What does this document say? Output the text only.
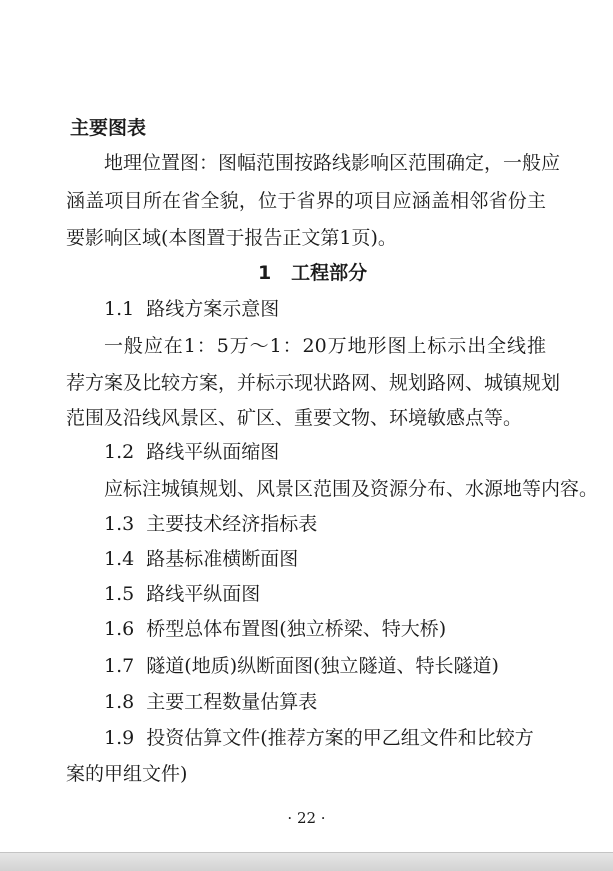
主要图表
地理位置图：图幅范围按路线影响区范围确定，一般应
涵盖项目所在省全貌，位于省界的项目应涵盖相邻省份主
要影响区域(本图置于报告正文第1页)。
1   工程部分
1.1  路线方案示意图
一般应在1：5万～1：20万地形图上标示出全线推
荐方案及比较方案，并标示现状路网、规划路网、城镇规划
范围及沿线风景区、矿区、重要文物、环境敏感点等。
1.2  路线平纵面缩图
应标注城镇规划、风景区范围及资源分布、水源地等内容。
1.3  主要技术经济指标表
1.4  路基标准横断面图
1.5  路线平纵面图
1.6  桥型总体布置图(独立桥梁、特大桥)
1.7  隧道(地质)纵断面图(独立隧道、特长隧道)
1.8  主要工程数量估算表
1.9  投资估算文件(推荐方案的甲乙组文件和比较方
案的甲组文件)
· 22 ·
